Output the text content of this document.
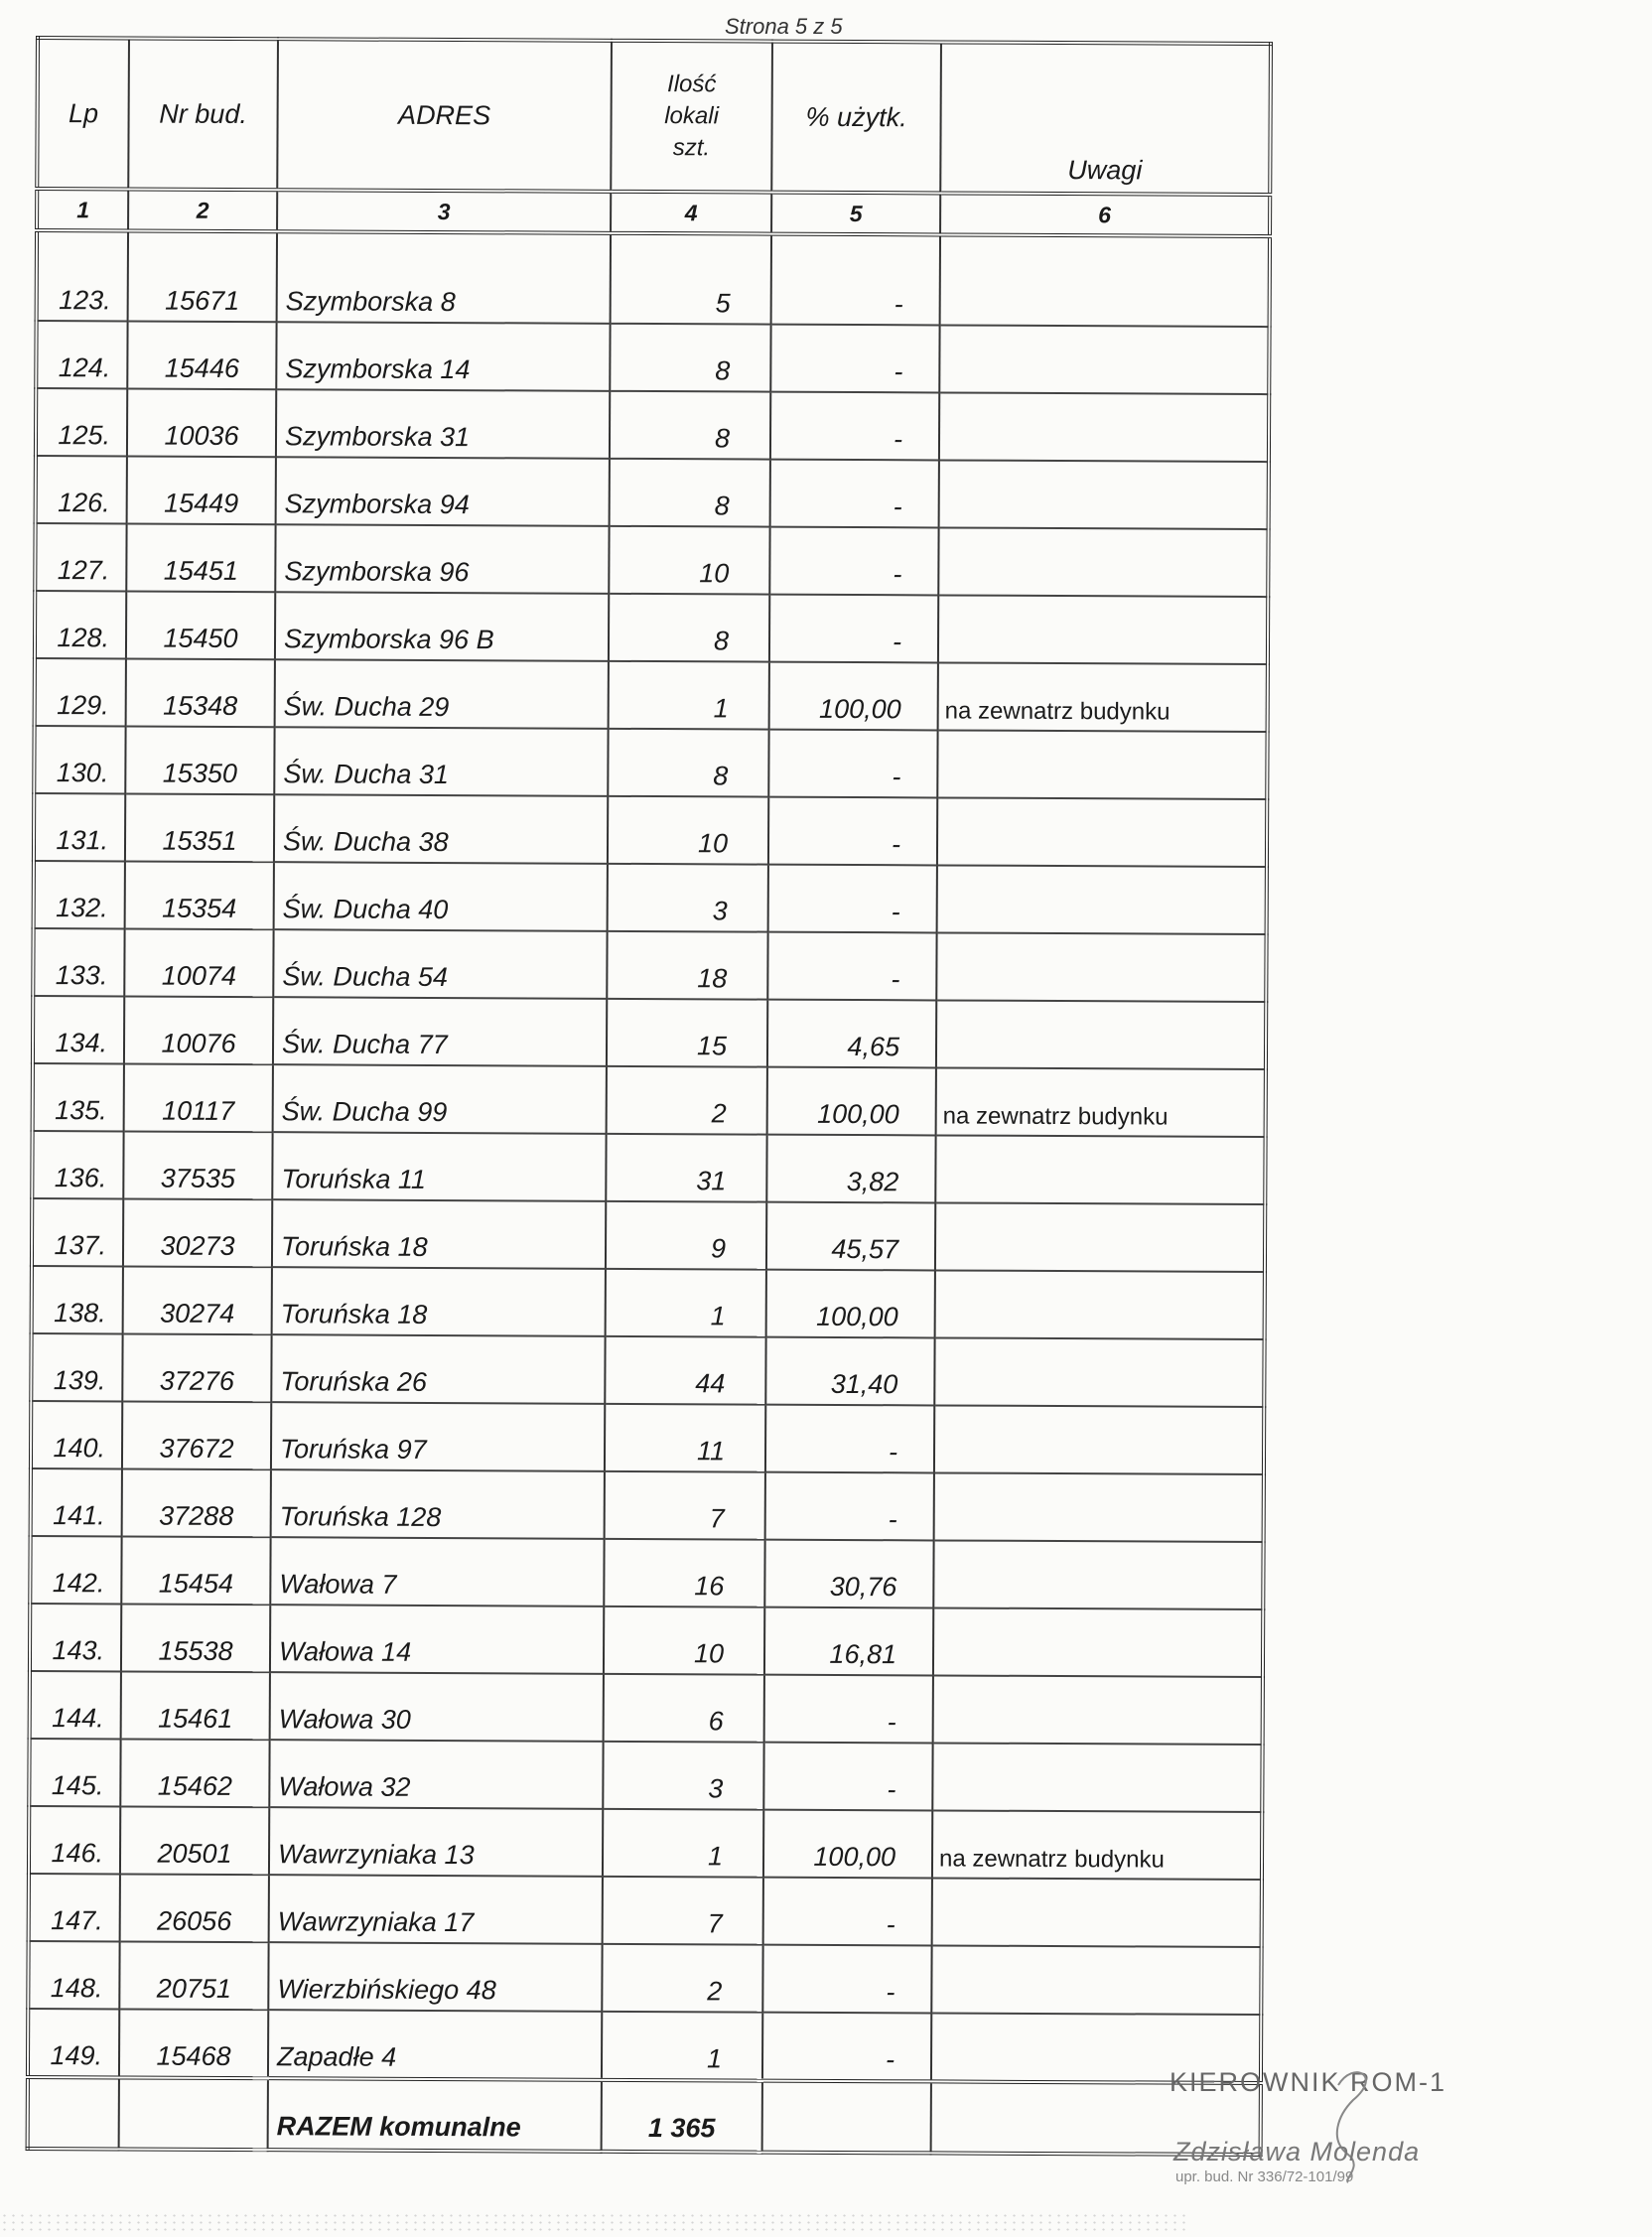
Strona 5 z 5
Lp	Nr bud.	ADRES	Ilość
lokali
szt.	% użytk.	Uwagi
1	2	3	4	5	6
123.	15671	Szymborska 8	5	-	
124.	15446	Szymborska 14	8	-	
125.	10036	Szymborska 31	8	-	
126.	15449	Szymborska 94	8	-	
127.	15451	Szymborska 96	10	-	
128.	15450	Szymborska 96 B	8	-	
129.	15348	Św. Ducha 29	1	100,00	na zewnatrz budynku
130.	15350	Św. Ducha 31	8	-	
131.	15351	Św. Ducha 38	10	-	
132.	15354	Św. Ducha 40	3	-	
133.	10074	Św. Ducha 54	18	-	
134.	10076	Św. Ducha 77	15	4,65	
135.	10117	Św. Ducha 99	2	100,00	na zewnatrz budynku
136.	37535	Toruńska 11	31	3,82	
137.	30273	Toruńska 18	9	45,57	
138.	30274	Toruńska 18	1	100,00	
139.	37276	Toruńska 26	44	31,40	
140.	37672	Toruńska 97	11	-	
141.	37288	Toruńska 128	7	-	
142.	15454	Wałowa 7	16	30,76	
143.	15538	Wałowa 14	10	16,81	
144.	15461	Wałowa 30	6	-	
145.	15462	Wałowa 32	3	-	
146.	20501	Wawrzyniaka 13	1	100,00	na zewnatrz budynku
147.	26056	Wawrzyniaka 17	7	-	
148.	20751	Wierzbińskiego 48	2	-	
149.	15468	Zapadłe 4	1	-	
		RAZEM komunalne	1 365		
KIEROWNIK ROM-1
Zdzisława Molenda
upr. bud. Nr 336/72-101/99
